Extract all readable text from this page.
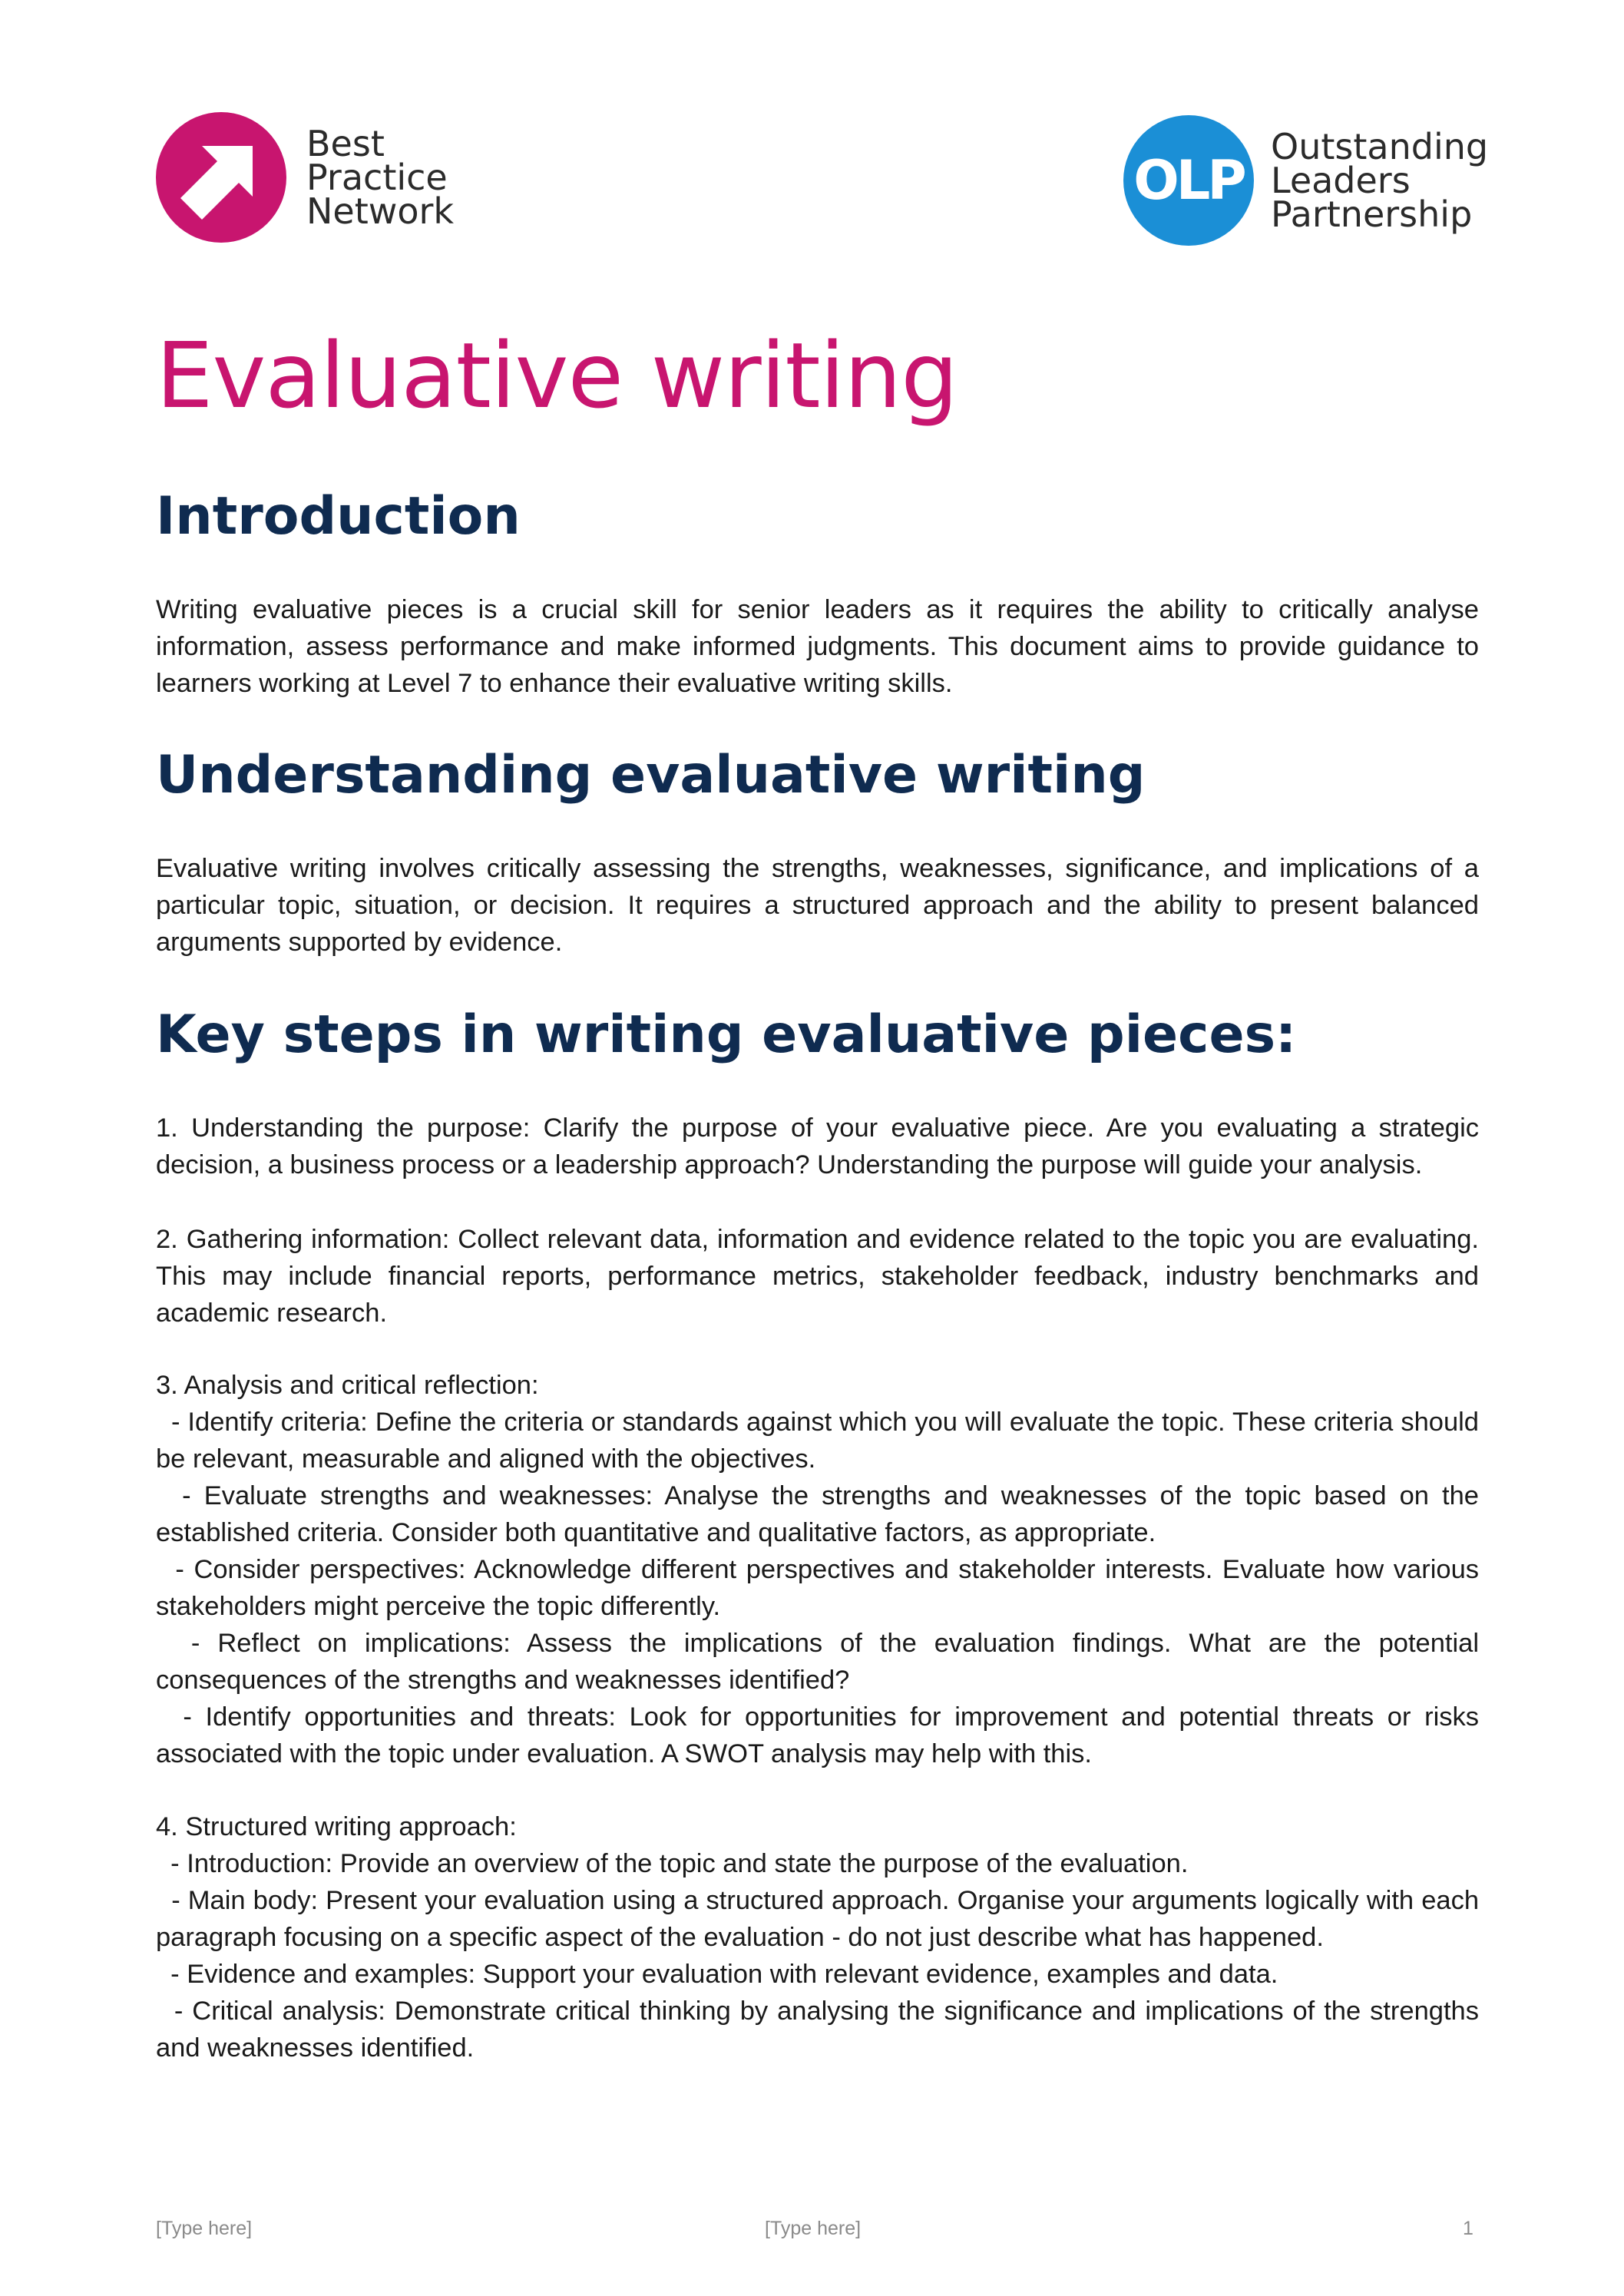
Best
Practice
Network	OLP
Outstanding
Leaders
Partnership
Evaluative writing
Introduction

Writing evaluative pieces is a crucial skill for senior leaders as it requires the ability to critically analyse information, assess performance and make informed judgments. This document aims to provide guidance to learners working at Level 7 to enhance their evaluative writing skills.

Understanding evaluative writing

Evaluative writing involves critically assessing the strengths, weaknesses, significance, and implications of a particular topic, situation, or decision. It requires a structured approach and the ability to present balanced arguments supported by evidence.

Key steps in writing evaluative pieces:

1. Understanding the purpose: Clarify the purpose of your evaluative piece. Are you evaluating a strategic decision, a business process or a leadership approach? Understanding the purpose will guide your analysis.

2. Gathering information: Collect relevant data, information and evidence related to the topic you are evaluating. This may include financial reports, performance metrics, stakeholder feedback, industry benchmarks and academic research.

3. Analysis and critical reflection:
- Identify criteria: Define the criteria or standards against which you will evaluate the topic. These criteria should be relevant, measurable and aligned with the objectives.
- Evaluate strengths and weaknesses: Analyse the strengths and weaknesses of the topic based on the established criteria. Consider both quantitative and qualitative factors, as appropriate.
- Consider perspectives: Acknowledge different perspectives and stakeholder interests. Evaluate how various stakeholders might perceive the topic differently.
- Reflect on implications: Assess the implications of the evaluation findings. What are the potential consequences of the strengths and weaknesses identified?
- Identify opportunities and threats: Look for opportunities for improvement and potential threats or risks associated with the topic under evaluation. A SWOT analysis may help with this.
4. Structured writing approach:
- Introduction: Provide an overview of the topic and state the purpose of the evaluation.
- Main body: Present your evaluation using a structured approach. Organise your arguments logically with each paragraph focusing on a specific aspect of the evaluation - do not just describe what has happened.
- Evidence and examples: Support your evaluation with relevant evidence, examples and data.
- Critical analysis: Demonstrate critical thinking by analysing the significance and implications of the strengths and weaknesses identified.
[Type here]	[Type here]	1
